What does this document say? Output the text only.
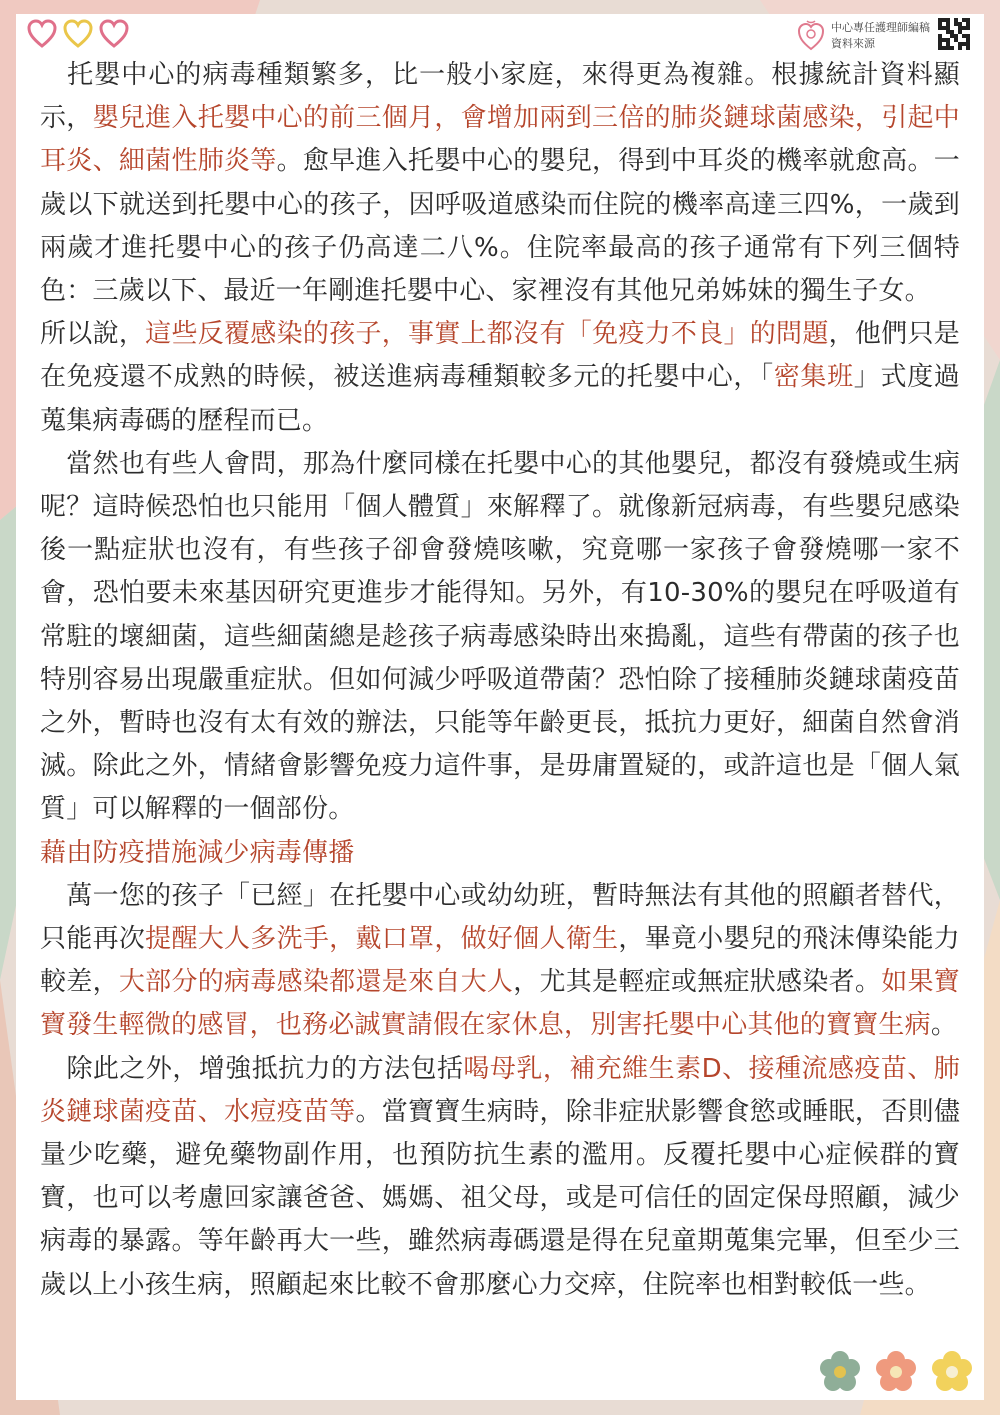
中心專任護理師編稿
資料來源

　托嬰中心的病毒種類繁多，比一般小家庭，來得更為複雜。根據統計資料顯示，嬰兒進入托嬰中心的前三個月，會增加兩到三倍的肺炎鏈球菌感染，引起中耳炎、細菌性肺炎等。愈早進入托嬰中心的嬰兒，得到中耳炎的機率就愈高。一歲以下就送到托嬰中心的孩子，因呼吸道感染而住院的機率高達三四%，一歲到兩歲才進托嬰中心的孩子仍高達二八%。住院率最高的孩子通常有下列三個特色：三歲以下、最近一年剛進托嬰中心、家裡沒有其他兄弟姊妹的獨生子女。

所以說，這些反覆感染的孩子，事實上都沒有「免疫力不良」的問題，他們只是在免疫還不成熟的時候，被送進病毒種類較多元的托嬰中心，「密集班」式度過蒐集病毒碼的歷程而已。

　當然也有些人會問，那為什麼同樣在托嬰中心的其他嬰兒，都沒有發燒或生病呢？這時候恐怕也只能用「個人體質」來解釋了。就像新冠病毒，有些嬰兒感染後一點症狀也沒有，有些孩子卻會發燒咳嗽，究竟哪一家孩子會發燒哪一家不會，恐怕要未來基因研究更進步才能得知。另外，有10-30%的嬰兒在呼吸道有常駐的壞細菌，這些細菌總是趁孩子病毒感染時出來搗亂，這些有帶菌的孩子也特別容易出現嚴重症狀。但如何減少呼吸道帶菌？恐怕除了接種肺炎鏈球菌疫苗之外，暫時也沒有太有效的辦法，只能等年齡更長，抵抗力更好，細菌自然會消滅。除此之外，情緒會影響免疫力這件事，是毋庸置疑的，或許這也是「個人氣質」可以解釋的一個部份。

藉由防疫措施減少病毒傳播

　萬一您的孩子「已經」在托嬰中心或幼幼班，暫時無法有其他的照顧者替代，只能再次提醒大人多洗手，戴口罩，做好個人衛生，畢竟小嬰兒的飛沫傳染能力較差，大部分的病毒感染都還是來自大人，尤其是輕症或無症狀感染者。如果寶寶發生輕微的感冒，也務必誠實請假在家休息，別害托嬰中心其他的寶寶生病。

　除此之外，增強抵抗力的方法包括喝母乳，補充維生素D、接種流感疫苗、肺炎鏈球菌疫苗、水痘疫苗等。當寶寶生病時，除非症狀影響食慾或睡眠，否則儘量少吃藥，避免藥物副作用，也預防抗生素的濫用。反覆托嬰中心症候群的寶寶，也可以考慮回家讓爸爸、媽媽、祖父母，或是可信任的固定保母照顧，減少病毒的暴露。等年齡再大一些，雖然病毒碼還是得在兒童期蒐集完畢，但至少三歲以上小孩生病，照顧起來比較不會那麼心力交瘁，住院率也相對較低一些。
